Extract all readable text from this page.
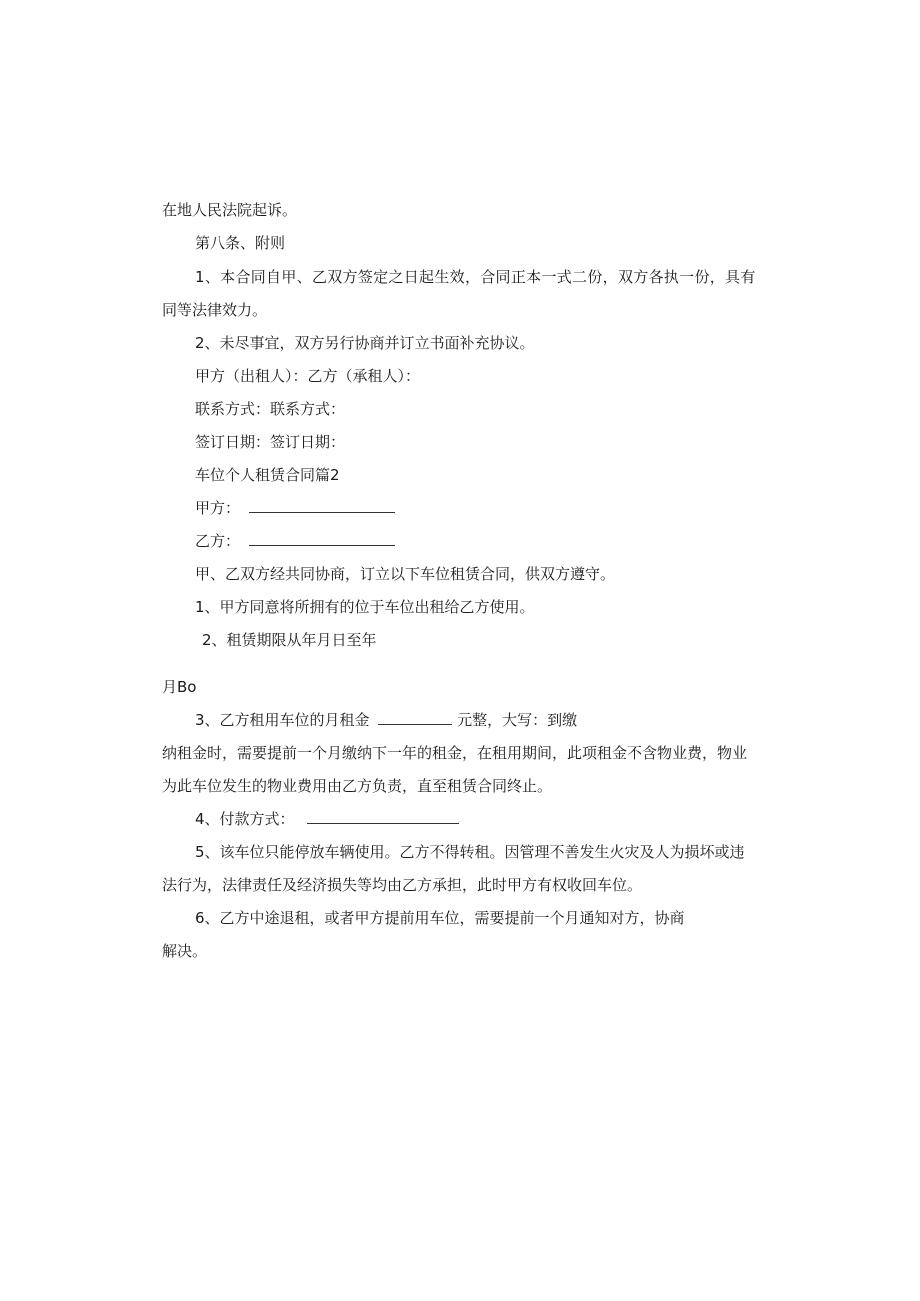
在地人民法院起诉。
第八条、附则
1、本合同自甲、乙双方签定之日起生效，合同正本一式二份，双方各执一份，具有
同等法律效力。
2、未尽事宜，双方另行协商并订立书面补充协议。
甲方（出租人）：乙方（承租人）：
联系方式：联系方式：
签订日期：签订日期：
车位个人租赁合同篇2
甲方：
乙方：
甲、乙双方经共同协商，订立以下车位租赁合同，供双方遵守。
1、甲方同意将所拥有的位于车位出租给乙方使用。
2、租赁期限从年月日至年
月Bo
3、乙方租用车位的月租金	元整，大写：到缴
纳租金时，需要提前一个月缴纳下一年的租金，在租用期间，此项租金不含物业费，物业
为此车位发生的物业费用由乙方负责，直至租赁合同终止。
4、付款方式：
5、该车位只能停放车辆使用。乙方不得转租。因管理不善发生火灾及人为损坏或违
法行为，法律责任及经济损失等均由乙方承担，此时甲方有权收回车位。
6、乙方中途退租，或者甲方提前用车位，需要提前一个月通知对方，协商
解决。
